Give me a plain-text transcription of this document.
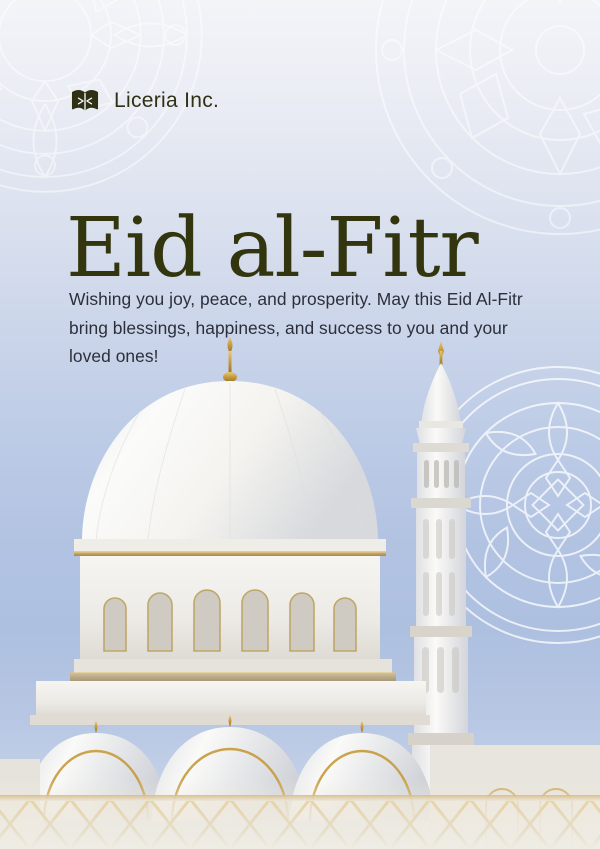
Liceria Inc.
Eid al-Fitr

Wishing you joy, peace, and prosperity. May this Eid Al-Fitr bring blessings, happiness, and success to you and your loved ones!
